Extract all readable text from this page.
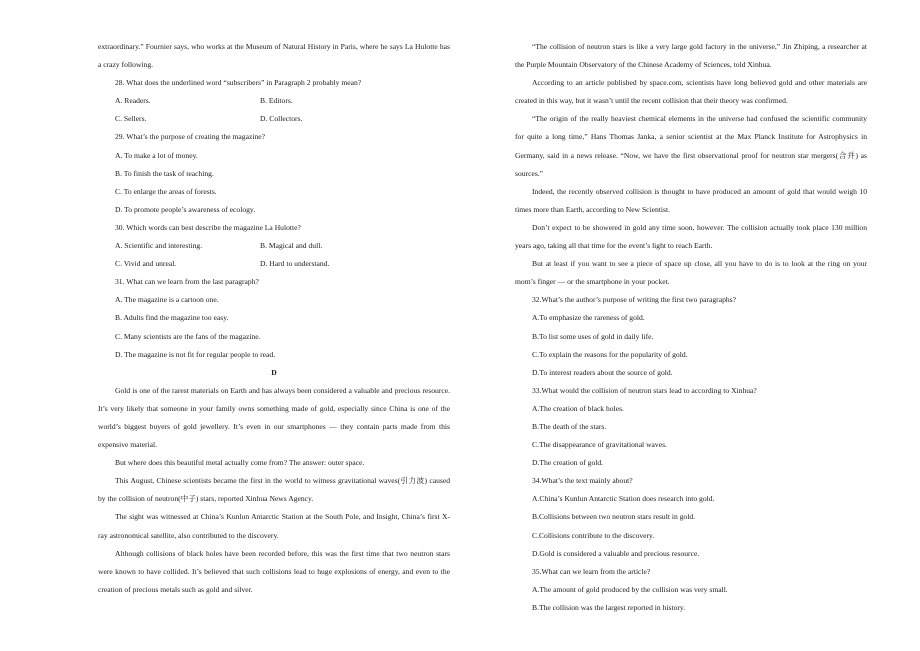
extraordinary.” Fournier says, who works at the Museum of Natural History in Paris, where he says La Hulotte has a crazy following.

28. What does the underlined word “subscribers” in Paragraph 2 probably mean?

A. Readers.	B. Editors.

C. Sellers.	D. Collectors.

29. What’s the purpose of creating the magazine?

A. To make a lot of money.

B. To finish the task of teaching.

C. To enlarge the areas of forests.

D. To promote people’s awareness of ecology.

30. Which words can best describe the magazine La Hulotte?

A. Scientific and interesting.	B. Magical and dull.

C. Vivid and unreal.	D. Hard to understand.

31. What can we learn from the last paragraph?

A. The magazine is a cartoon one.

B. Adults find the magazine too easy.

C. Many scientists are the fans of the magazine.

D. The magazine is not fit for regular people to read.

D

Gold is one of the rarest materials on Earth and has always been considered a valuable and precious resource. It’s very likely that someone in your family owns something made of gold, especially since China is one of the world’s biggest buyers of gold jewellery. It’s even in our smartphones — they contain parts made from this expensive material.

But where does this beautiful metal actually come from? The answer: outer space.

This August, Chinese scientists became the first in the world to witness gravitational waves(引力波) caused by the collision of neutron(中子) stars, reported Xinhua News Agency.

The sight was witnessed at China’s Kunlun Antarctic Station at the South Pole, and Insight, China’s first X-ray astronomical satellite, also contributed to the discovery.

Although collisions of black holes have been recorded before, this was the first time that two neutron stars were known to have collided. It’s believed that such collisions lead to huge explosions of energy, and even to the creation of precious metals such as gold and silver.

“The collision of neutron stars is like a very large gold factory in the universe,” Jin Zhiping, a researcher at the Purple Mountain Observatory of the Chinese Academy of Sciences, told Xinhua.

According to an article published by space.com, scientists have long believed gold and other materials are created in this way, but it wasn’t until the recent collision that their theory was confirmed.

“The origin of the really heaviest chemical elements in the universe had confused the scientific community for quite a long time,” Hans Thomas Janka, a senior scientist at the Max Planck Institute for Astrophysics in Germany, said in a news release. “Now, we have the first observational proof for neutron star mergers(合并) as sources.”

Indeed, the recently observed collision is thought to have produced an amount of gold that would weigh 10 times more than Earth, according to New Scientist.

Don’t expect to be showered in gold any time soon, however. The collision actually took place 130 million years ago, taking all that time for the event’s light to reach Earth.

But at least if you want to see a piece of space up close, all you have to do is to look at the ring on your mom’s finger — or the smartphone in your pocket.

32.What’s the author’s purpose of writing the first two paragraphs?

A.To emphasize the rareness of gold.

B.To list some uses of gold in daily life.

C.To explain the reasons for the popularity of gold.

D.To interest readers about the source of gold.

33.What would the collision of neutron stars lead to according to Xinhua?

A.The creation of black holes.

B.The death of the stars.

C.The disappearance of gravitational waves.

D.The creation of gold.

34.What’s the text mainly about?

A.China’s Kunlun Antarctic Station does research into gold.

B.Collisions between two neutron stars result in gold.

C.Collisions contribute to the discovery.

D.Gold is considered a valuable and precious resource.

35.What can we learn from the article?

A.The amount of gold produced by the collision was very small.

B.The collision was the largest reported in history.
